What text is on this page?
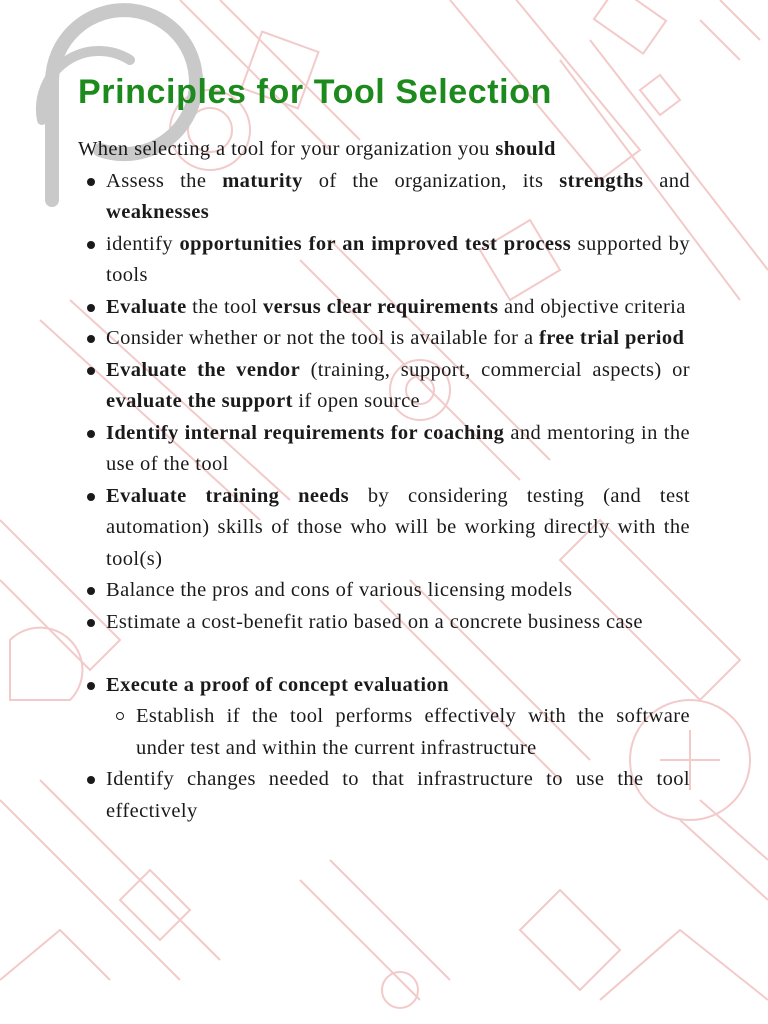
Principles for Tool Selection
When selecting a tool for your organization you should
Assess the maturity of the organization, its strengths and weaknesses
identify opportunities for an improved test process supported by tools
Evaluate the tool versus clear requirements and objective criteria
Consider whether or not the tool is available for a free trial period
Evaluate the vendor (training, support, commercial aspects) or evaluate the support if open source
Identify internal requirements for coaching and mentoring in the use of the tool
Evaluate training needs by considering testing (and test automation) skills of those who will be working directly with the tool(s)
Balance the pros and cons of various licensing models
Estimate a cost-benefit ratio based on a concrete business case
Execute a proof of concept evaluation
Establish if the tool performs effectively with the software under test and within the current infrastructure
Identify changes needed to that infrastructure to use the tool effectively
